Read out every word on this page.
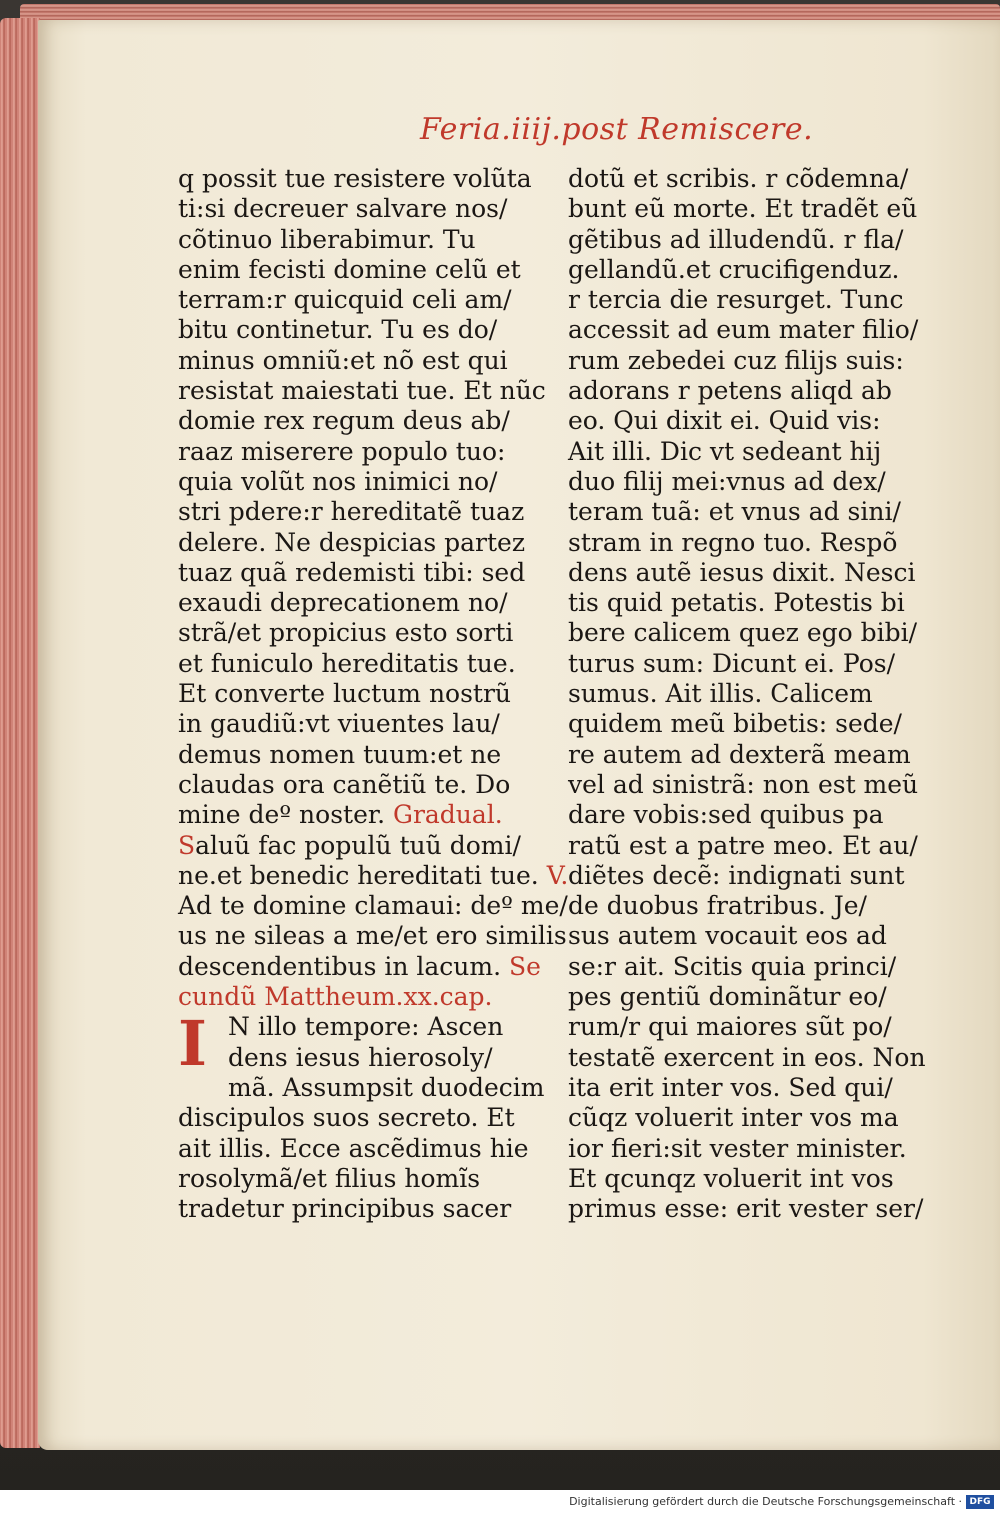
Feria.iiij.post Remiscere.
q possit tue resistere volũta
ti:si decreuer salvare nos/
cõtinuo liberabimur. Tu
enim fecisti domine celũ et
terram:r quicquid celi am/
bitu continetur. Tu es do/
minus omniũ:et nõ est qui
resistat maiestati tue. Et nũc
domie rex regum deus ab/
raaz miserere populo tuo:
quia volũt nos inimici no/
stri pdere:r hereditatẽ tuaz
delere. Ne despicias partez
tuaz quã redemisti tibi: sed
exaudi deprecationem no/
strã/et propicius esto sorti
et funiculo hereditatis tue.
Et converte luctum nostrũ
in gaudiũ:vt viuentes lau/
demus nomen tuum:et ne
claudas ora canẽtiũ te. Do
mine deº noster. Gradual.
Saluũ fac populũ tuũ domi/
ne.et benedic hereditati tue. V.
Ad te domine clamaui: deº me/
us ne sileas a me/et ero similis
descendentibus in lacum. Se
cundũ Mattheum.xx.cap.
I N illo tempore: Ascen
dens iesus hierosoly/
mã. Assumpsit duodecim
discipulos suos secreto. Et
ait illis. Ecce ascẽdimus hie
rosolymã/et filius homĩs
tradetur principibus sacer
dotũ et scribis. r cõdemna/
bunt eũ morte. Et tradẽt eũ
gẽtibus ad illudendũ. r fla/
gellandũ.et crucifigenduz.
r tercia die resurget. Tunc
accessit ad eum mater filio/
rum zebedei cuz filijs suis:
adorans r petens aliqd ab
eo. Qui dixit ei. Quid vis:
Ait illi. Dic vt sedeant hij
duo filij mei:vnus ad dex/
teram tuã: et vnus ad sini/
stram in regno tuo. Respõ
dens autẽ iesus dixit. Nesci
tis quid petatis. Potestis bi
bere calicem quez ego bibi/
turus sum: Dicunt ei. Pos/
sumus. Ait illis. Calicem
quidem meũ bibetis: sede/
re autem ad dexterã meam
vel ad sinistrã: non est meũ
dare vobis:sed quibus pa
ratũ est a patre meo. Et au/
diẽtes decẽ: indignati sunt
de duobus fratribus. Je/
sus autem vocauit eos ad
se:r ait. Scitis quia princi/
pes gentiũ dominãtur eo/
rum/r qui maiores sũt po/
testatẽ exercent in eos. Non
ita erit inter vos. Sed qui/
cũqz voluerit inter vos ma
ior fieri:sit vester minister.
Et qcunqz voluerit int vos
primus esse: erit vester ser/
Digitalisierung gefördert durch die Deutsche Forschungsgemeinschaft · DFG
